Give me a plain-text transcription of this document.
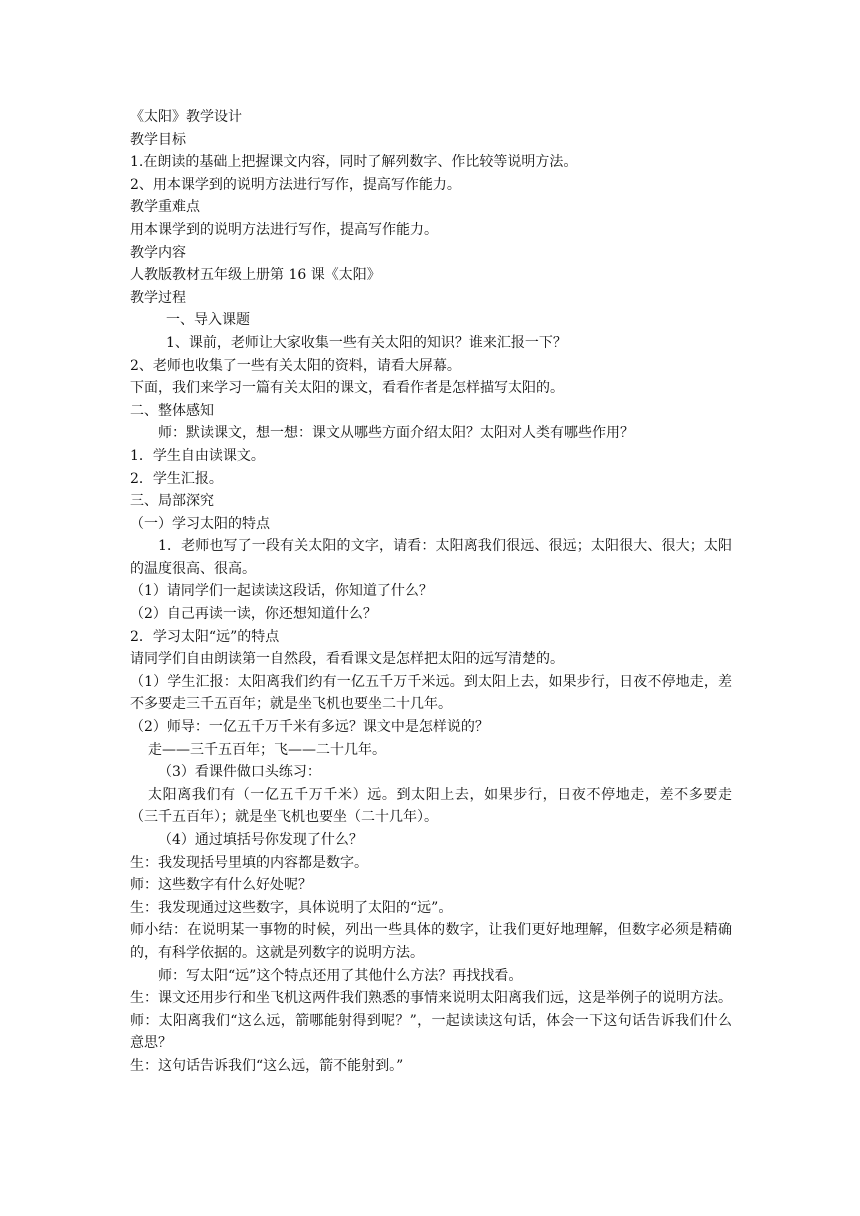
《太阳》教学设计
教学目标
1.在朗读的基础上把握课文内容，同时了解列数字、作比较等说明方法。
2、用本课学到的说明方法进行写作，提高写作能力。
教学重难点
用本课学到的说明方法进行写作，提高写作能力。
教学内容
人教版教材五年级上册第 16 课《太阳》
教学过程
一、导入课题
1、课前，老师让大家收集一些有关太阳的知识？谁来汇报一下？
2、老师也收集了一些有关太阳的资料，请看大屏幕。
下面，我们来学习一篇有关太阳的课文，看看作者是怎样描写太阳的。
二、整体感知
师：默读课文，想一想：课文从哪些方面介绍太阳？太阳对人类有哪些作用？
1．学生自由读课文。
2．学生汇报。
三、局部深究
（一）学习太阳的特点
1．老师也写了一段有关太阳的文字，请看：太阳离我们很远、很远；太阳很大、很大；太阳的温度很高、很高。
（1）请同学们一起读读这段话，你知道了什么？
（2）自己再读一读，你还想知道什么？
2．学习太阳“远”的特点
请同学们自由朗读第一自然段，看看课文是怎样把太阳的远写清楚的。
（1）学生汇报：太阳离我们约有一亿五千万千米远。到太阳上去，如果步行，日夜不停地走，差不多要走三千五百年；就是坐飞机也要坐二十几年。
（2）师导：一亿五千万千米有多远？课文中是怎样说的？
走——三千五百年；飞——二十几年。
（3）看课件做口头练习：
太阳离我们有（一亿五千万千米）远。到太阳上去，如果步行，日夜不停地走，差不多要走（三千五百年）；就是坐飞机也要坐（二十几年）。
（4）通过填括号你发现了什么？
生：我发现括号里填的内容都是数字。
师：这些数字有什么好处呢？
生：我发现通过这些数字，具体说明了太阳的“远”。
师小结：在说明某一事物的时候，列出一些具体的数字，让我们更好地理解，但数字必须是精确的，有科学依据的。这就是列数字的说明方法。
师：写太阳“远”这个特点还用了其他什么方法？再找找看。
生：课文还用步行和坐飞机这两件我们熟悉的事情来说明太阳离我们远，这是举例子的说明方法。
师：太阳离我们“这么远，箭哪能射得到呢？”，一起读读这句话，体会一下这句话告诉我们什么意思？
生：这句话告诉我们“这么远，箭不能射到。”
